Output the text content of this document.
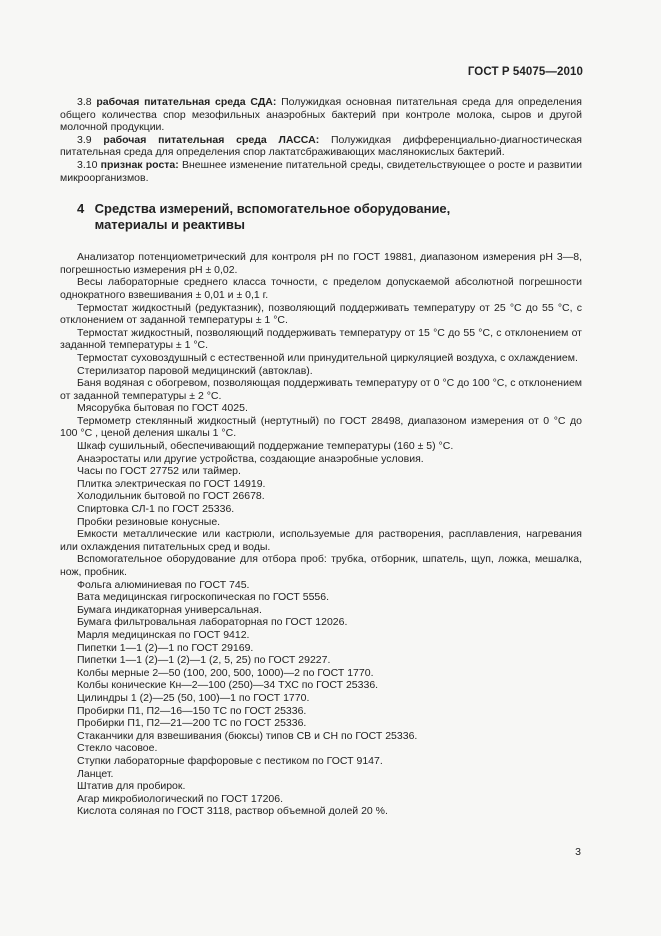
ГОСТ Р 54075—2010

3.8 рабочая питательная среда СДА: Полужидкая основная питательная среда для определения общего количества спор мезофильных анаэробных бактерий при контроле молока, сыров и другой молочной продукции.

3.9 рабочая питательная среда ЛАССА: Полужидкая дифференциально-диагностическая питательная среда для определения спор лактатсбраживающих маслянокислых бактерий.

3.10 признак роста: Внешнее изменение питательной среды, свидетельствующее о росте и развитии микроорганизмов.

4 Средства измерений, вспомогательное оборудование, материалы и реактивы

Анализатор потенциометрический для контроля pH по ГОСТ 19881, диапазоном измерения pH 3—8, погрешностью измерения pH ± 0,02.

Весы лабораторные среднего класса точности, с пределом допускаемой абсолютной погрешности однократного взвешивания ± 0,01 и ± 0,1 г.

Термостат жидкостный (редуктазник), позволяющий поддерживать температуру от 25 °С до 55 °С, с отклонением от заданной температуры ± 1 °С.

Термостат жидкостный, позволяющий поддерживать температуру от 15 °С до 55 °С, с отклонением от заданной температуры ± 1 °С.

Термостат суховоздушный с естественной или принудительной циркуляцией воздуха, с охлаждением.

Стерилизатор паровой медицинский (автоклав).

Баня водяная с обогревом, позволяющая поддерживать температуру от 0 °С до 100 °С, с отклонением от заданной температуры ± 2 °С.

Мясорубка бытовая по ГОСТ 4025.

Термометр стеклянный жидкостный (нертутный) по ГОСТ 28498, диапазоном измерения от 0 °С до 100 °С , ценой деления шкалы 1 °С.

Шкаф сушильный, обеспечивающий поддержание температуры (160 ± 5) °С.

Анаэростаты или другие устройства, создающие анаэробные условия.

Часы по ГОСТ 27752 или таймер.

Плитка электрическая по ГОСТ 14919.

Холодильник бытовой по ГОСТ 26678.

Спиртовка СЛ-1 по ГОСТ 25336.

Пробки резиновые конусные.

Емкости металлические или кастрюли, используемые для растворения, расплавления, нагревания или охлаждения питательных сред и воды.

Вспомогательное оборудование для отбора проб: трубка, отборник, шпатель, щуп, ложка, мешалка, нож, пробник.

Фольга алюминиевая по ГОСТ 745.

Вата медицинская гигроскопическая по ГОСТ 5556.

Бумага индикаторная универсальная.

Бумага фильтровальная лабораторная по ГОСТ 12026.

Марля медицинская по ГОСТ 9412.

Пипетки 1—1 (2)—1 по ГОСТ 29169.

Пипетки 1—1 (2)—1 (2)—1 (2, 5, 25) по ГОСТ 29227.

Колбы мерные 2—50 (100, 200, 500, 1000)—2 по ГОСТ 1770.

Колбы конические Кн—2—100 (250)—34 ТХС по ГОСТ 25336.

Цилиндры 1 (2)—25 (50, 100)—1 по ГОСТ 1770.

Пробирки П1, П2—16—150 ТС по ГОСТ 25336.

Пробирки П1, П2—21—200 ТС по ГОСТ 25336.

Стаканчики для взвешивания (бюксы) типов СВ и СН по ГОСТ 25336.

Стекло часовое.

Ступки лабораторные фарфоровые с пестиком по ГОСТ 9147.

Ланцет.

Штатив для пробирок.

Агар микробиологический по ГОСТ 17206.

Кислота соляная по ГОСТ 3118, раствор объемной долей 20 %.

3
